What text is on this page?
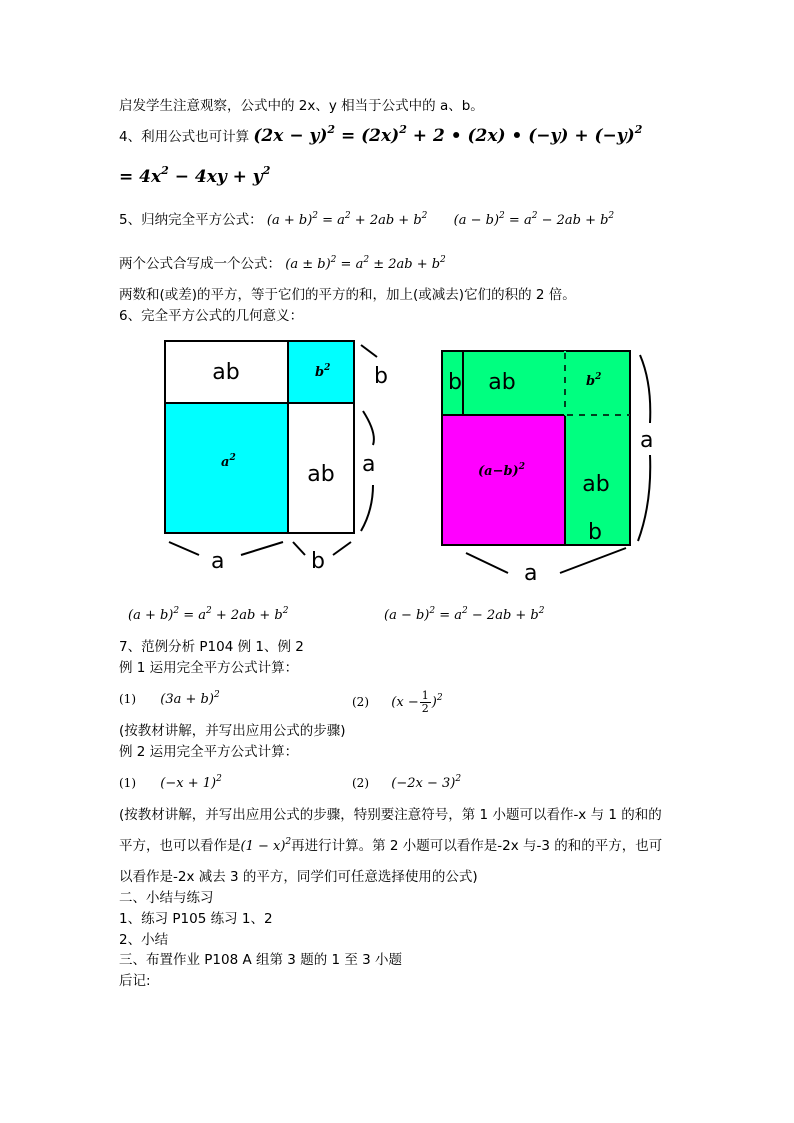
启发学生注意观察，公式中的 2x、y 相当于公式中的 a、b。
4、利用公式也可计算 $(2x - y)^2 = (2x)^2 + 2$ • (2x) • $(-y) + (-y)^2$
= $4x^2 - 4xy + y^2$
5、归纳完全平方公式： $(a + b)^2 = a^2 + 2ab + b^2$ $(a - b)^2 = a^2 - 2ab + b^2$
两个公式合写成一个公式： $(a \pm b)^2 = a^2 \pm 2ab + b^2$
两数和(或差)的平方，等于它们的平方的和，加上(或减去)它们的积的 2 倍。
6、完全平方公式的几何意义：
ab	$b^2$
$a^2$
ab
b
a
a	b
b ab	$b^2$
$(a-b)^2$
ab
b
a
a
$(a + b)^2 = a^2 + 2ab + b^2$	$(a - b)^2 = a^2 - 2ab + b^2$
7、范例分析 P104 例 1、例 2
例 1 运用完全平方公式计算：
(1) $(3a + b)^2$	(2) $(x - \frac{1}{2} )^2$
(按教材讲解，并写出应用公式的步骤)
例 2 运用完全平方公式计算：
(1) $(-x + 1)^2$	(2) $(-2x - 3)^2$
(按教材讲解，并写出应用公式的步骤，特别要注意符号，第 1 小题可以看作-x 与 1 的和的
平方，也可以看作是$(1 - x)^2$再进行计算。第 2 小题可以看作是-2x 与-3 的和的平方，也可
以看作是-2x 减去 3 的平方，同学们可任意选择使用的公式)
二、小结与练习
1、练习 P105 练习 1、2
2、小结
三、布置作业 P108 A 组第 3 题的 1 至 3 小题
后记:
